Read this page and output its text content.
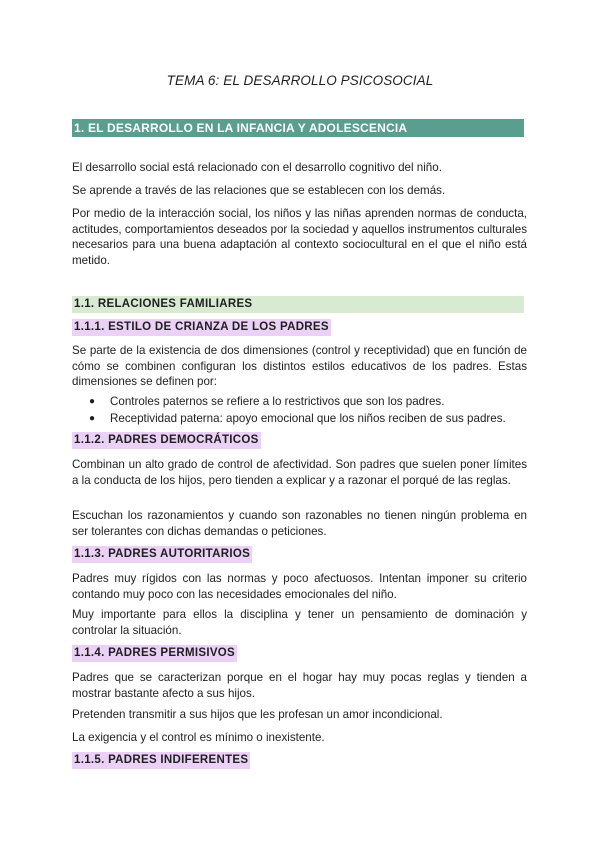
TEMA 6: EL DESARROLLO PSICOSOCIAL
1. EL DESARROLLO EN LA INFANCIA Y ADOLESCENCIA
El desarrollo social está relacionado con el desarrollo cognitivo del niño.
Se aprende a través de las relaciones que se establecen con los demás.
Por medio de la interacción social, los niños y las niñas aprenden normas de conducta, actitudes, comportamientos deseados por la sociedad y aquellos instrumentos culturales necesarios para una buena adaptación al contexto sociocultural en el que el niño está metido.
1.1. RELACIONES FAMILIARES
1.1.1. ESTILO DE CRIANZA DE LOS PADRES
Se parte de la existencia de dos dimensiones (control y receptividad) que en función de cómo se combinen configuran los distintos estilos educativos de los padres. Estas dimensiones se definen por:
● Controles paternos se refiere a lo restrictivos que son los padres.
● Receptividad paterna: apoyo emocional que los niños reciben de sus padres.
1.1.2. PADRES DEMOCRÁTICOS
Combinan un alto grado de control de afectividad. Son padres que suelen poner límites a la conducta de los hijos, pero tienden a explicar y a razonar el porqué de las reglas.
Escuchan los razonamientos y cuando son razonables no tienen ningún problema en ser tolerantes con dichas demandas o peticiones.
1.1.3. PADRES AUTORITARIOS
Padres muy rígidos con las normas y poco afectuosos. Intentan imponer su criterio contando muy poco con las necesidades emocionales del niño.
Muy importante para ellos la disciplina y tener un pensamiento de dominación y controlar la situación.
1.1.4. PADRES PERMISIVOS
Padres que se caracterizan porque en el hogar hay muy pocas reglas y tienden a mostrar bastante afecto a sus hijos.
Pretenden transmitir a sus hijos que les profesan un amor incondicional.
La exigencia y el control es mínimo o inexistente.
1.1.5. PADRES INDIFERENTES
